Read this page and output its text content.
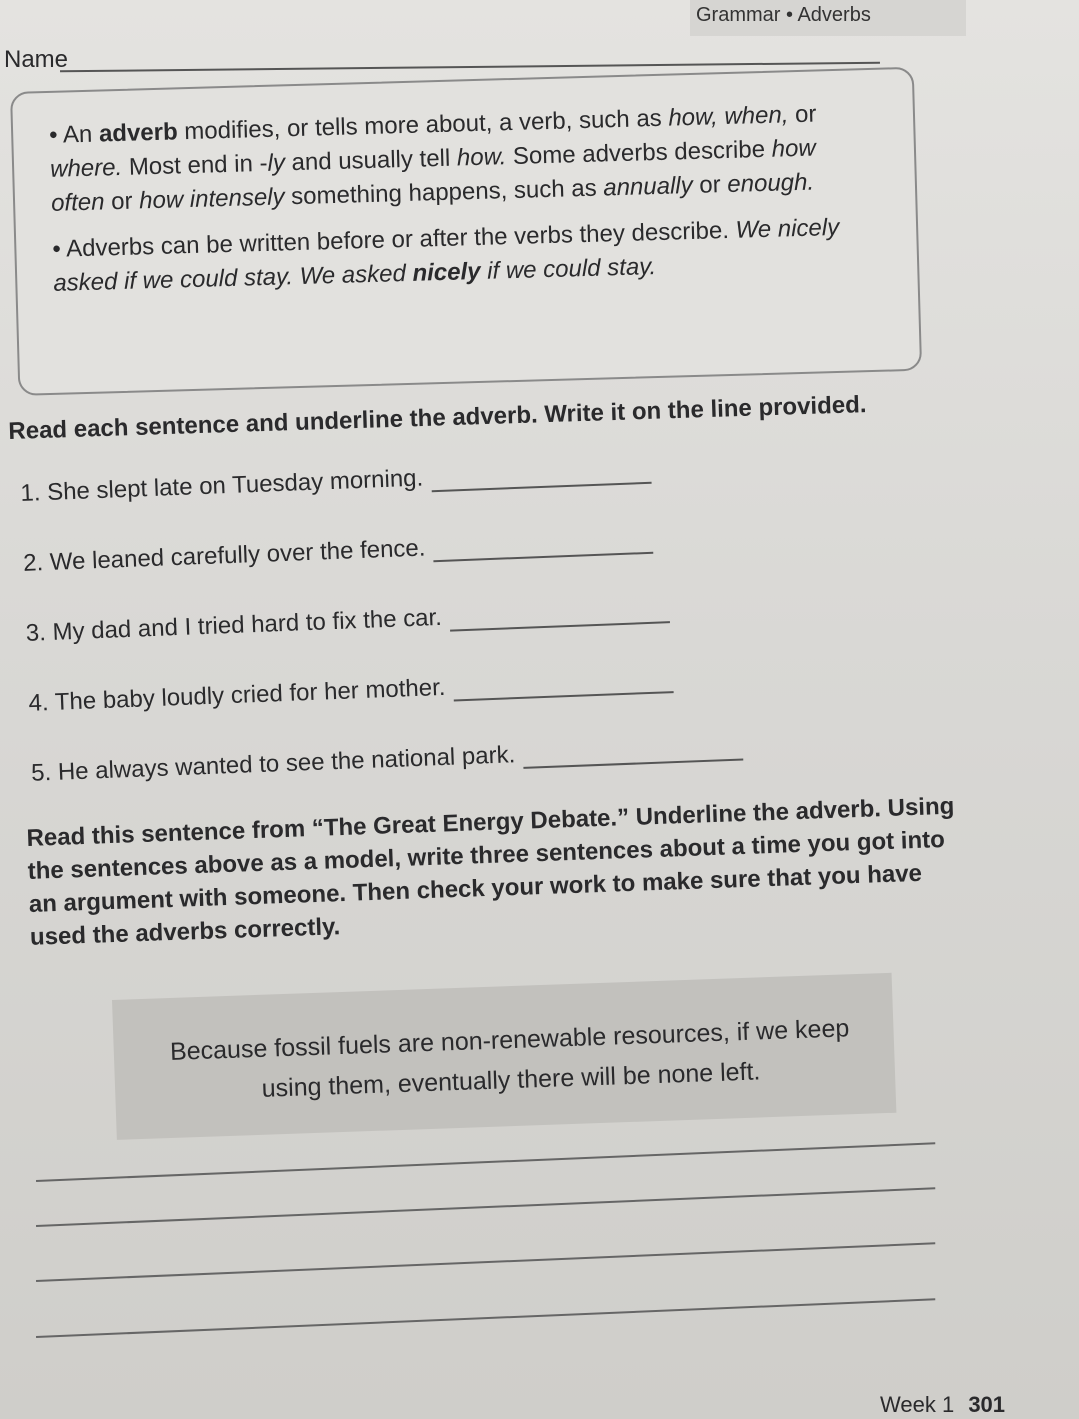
Grammar • Adverbs
Name

• An adverb modifies, or tells more about, a verb, such as how, when, or where. Most end in -ly and usually tell how. Some adverbs describe how often or how intensely something happens, such as annually or enough.

• Adverbs can be written before or after the verbs they describe. We nicely asked if we could stay. We asked nicely if we could stay.

Read each sentence and underline the adverb. Write it on the line provided.
1. She slept late on Tuesday morning.
2. We leaned carefully over the fence.
3. My dad and I tried hard to fix the car.
4. The baby loudly cried for her mother.
5. He always wanted to see the national park.
Read this sentence from “The Great Energy Debate.” Underline the adverb. Using the sentences above as a model, write three sentences about a time you got into an argument with someone. Then check your work to make sure that you have used the adverbs correctly.
Because fossil fuels are non-renewable resources, if we keep using them, eventually there will be none left.
Week 1 301
